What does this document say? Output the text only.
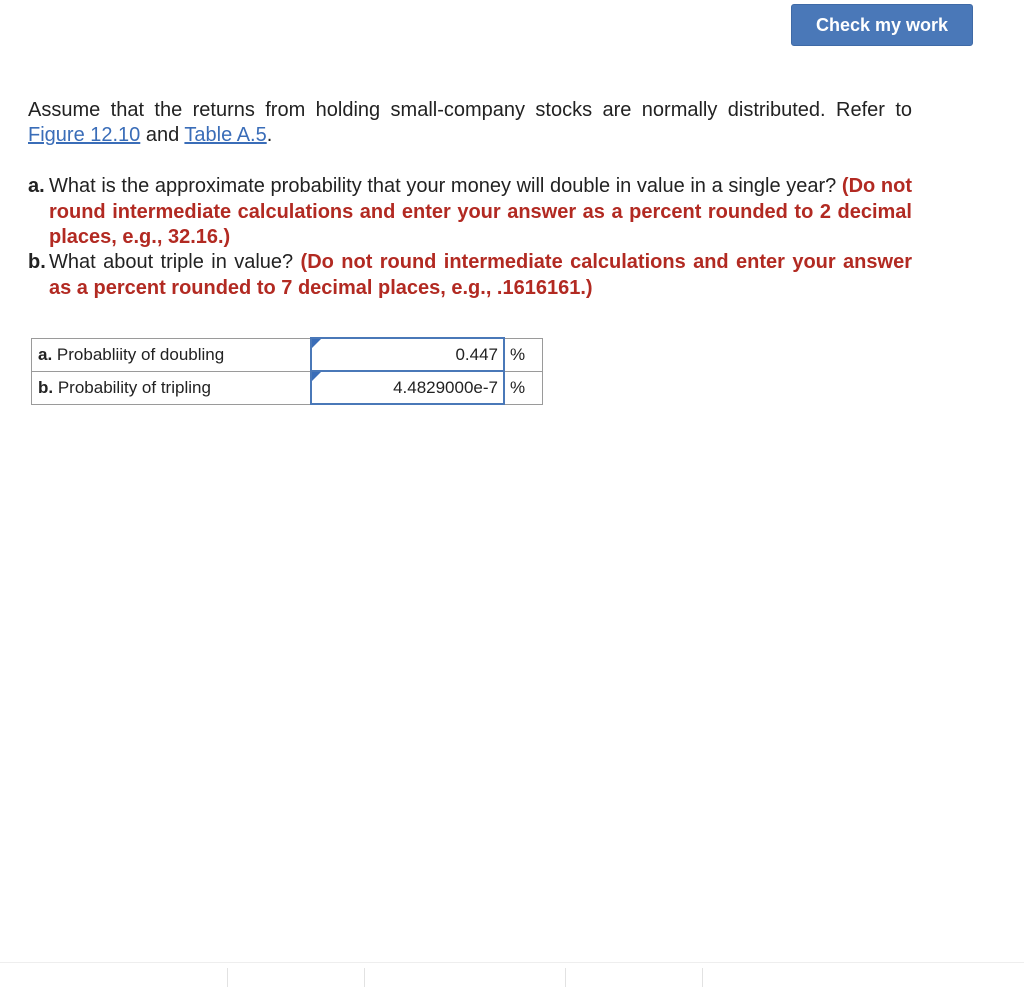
Check my work
Assume that the returns from holding small-company stocks are normally distributed. Refer to Figure 12.10 and Table A.5.
a. What is the approximate probability that your money will double in value in a single year? (Do not round intermediate calculations and enter your answer as a percent rounded to 2 decimal places, e.g., 32.16.)
b. What about triple in value? (Do not round intermediate calculations and enter your answer as a percent rounded to 7 decimal places, e.g., .1616161.)
a. Probabliity of doubling	0.447	%
b. Probability of tripling	4.4829000e-7	%
